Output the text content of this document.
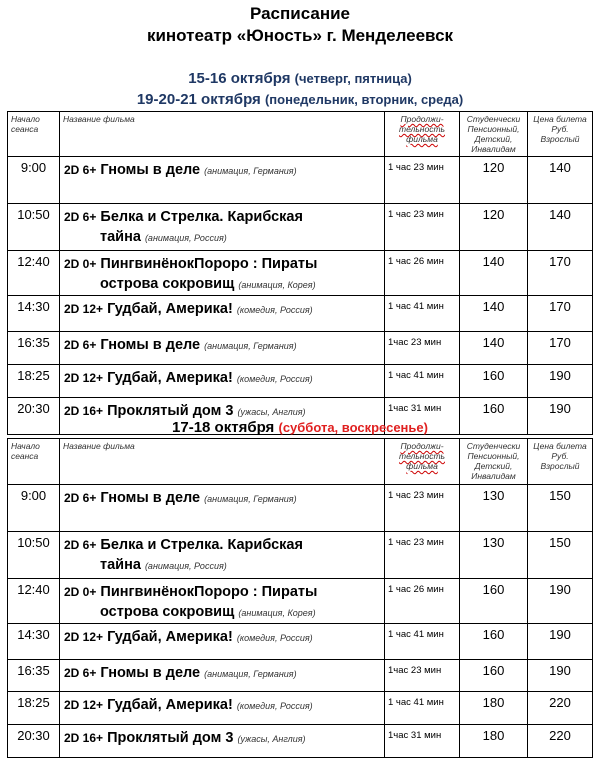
Расписание
кинотеатр «Юность» г. Менделеевск
15-16 октября (четверг, пятница)
19-20-21 октября (понедельник, вторник, среда)
Начало сеанса	Название фильма	Продолжи-
тельность
фильма	Студенчески Пенсионный, Детский, Инвалидам	Цена билета Руб. Взрослый
9:00	2D 6+ Гномы в деле (анимация, Германия)	1 час 23 мин	120	140
10:50	2D 6+ Белка и Стрелка. Карибская
тайна (анимация, Россия)	1 час 23 мин	120	140
12:40	2D 0+ ПингвинёнокПороро : Пираты
острова сокровищ (анимация, Корея)	1 час 26 мин	140	170
14:30	2D 12+ Гудбай, Америка! (комедия, Россия)	1 час 41 мин	140	170
16:35	2D 6+ Гномы в деле (анимация, Германия)	1час 23 мин	140	170
18:25	2D 12+ Гудбай, Америка! (комедия, Россия)	1 час 41 мин	160	190
20:30	2D 16+ Проклятый дом 3 (ужасы, Англия)	1час 31 мин	160	190
17-18 октября (суббота, воскресенье)
Начало сеанса	Название фильма	Продолжи-
тельность
фильма	Студенчески Пенсионный, Детский, Инвалидам	Цена билета Руб. Взрослый
9:00	2D 6+ Гномы в деле (анимация, Германия)	1 час 23 мин	130	150
10:50	2D 6+ Белка и Стрелка. Карибская
тайна (анимация, Россия)	1 час 23 мин	130	150
12:40	2D 0+ ПингвинёнокПороро : Пираты
острова сокровищ (анимация, Корея)	1 час 26 мин	160	190
14:30	2D 12+ Гудбай, Америка! (комедия, Россия)	1 час 41 мин	160	190
16:35	2D 6+ Гномы в деле (анимация, Германия)	1час 23 мин	160	190
18:25	2D 12+ Гудбай, Америка! (комедия, Россия)	1 час 41 мин	180	220
20:30	2D 16+ Проклятый дом 3 (ужасы, Англия)	1час 31 мин	180	220
